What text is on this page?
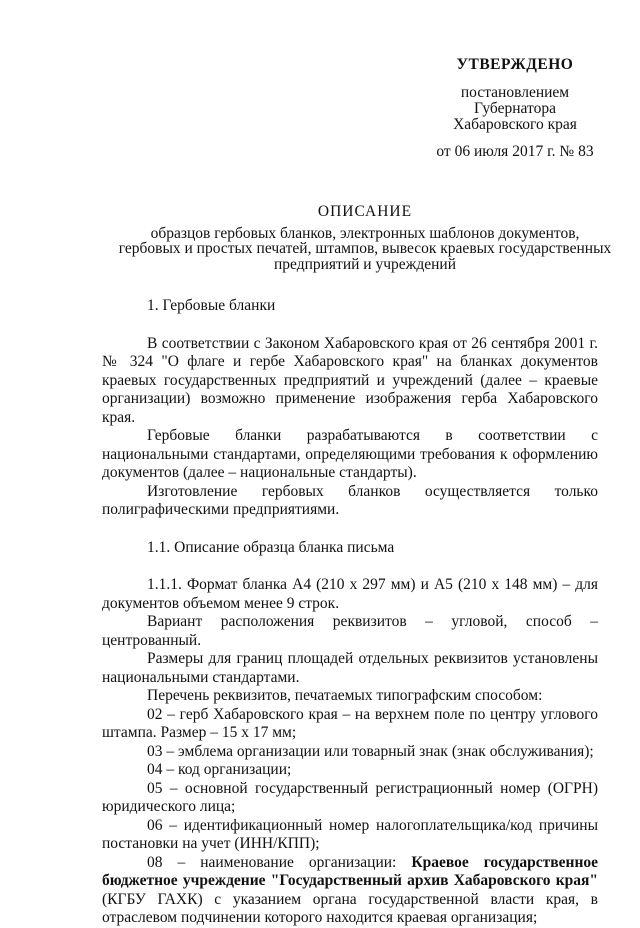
УТВЕРЖДЕНО
постановлением
Губернатора
Хабаровского края
от 06 июля 2017 г. № 83
ОПИСАНИЕ
образцов гербовых бланков, электронных шаблонов документов,
гербовых и простых печатей, штампов, вывесок краевых государственных
предприятий и учреждений

1. Гербовые бланки

В соответствии с Законом Хабаровского края от 26 сентября 2001 г. № 324 "О флаге и гербе Хабаровского края" на бланках документов краевых государственных предприятий и учреждений (далее – краевые организации) возможно применение изображения герба Хабаровского края.

Гербовые бланки разрабатываются в соответствии с национальными стандартами, определяющими требования к оформлению документов (далее – национальные стандарты).

Изготовление гербовых бланков осуществляется только полиграфическими предприятиями.

1.1. Описание образца бланка письма

1.1.1. Формат бланка А4 (210 x 297 мм) и А5 (210 x 148 мм) – для документов объемом менее 9 строк.

Вариант расположения реквизитов – угловой, способ – центрованный.

Размеры для границ площадей отдельных реквизитов установлены национальными стандартами.

Перечень реквизитов, печатаемых типографским способом:

02 – герб Хабаровского края – на верхнем поле по центру углового штампа. Размер – 15 x 17 мм;

03 – эмблема организации или товарный знак (знак обслуживания);

04 – код организации;

05 – основной государственный регистрационный номер (ОГРН) юридического лица;

06 – идентификационный номер налогоплательщика/код причины постановки на учет (ИНН/КПП);

08 – наименование организации: Краевое государственное бюджетное учреждение "Государственный архив Хабаровского края" (КГБУ ГАХК) с указанием органа государственной власти края, в отраслевом подчинении которого находится краевая организация;
